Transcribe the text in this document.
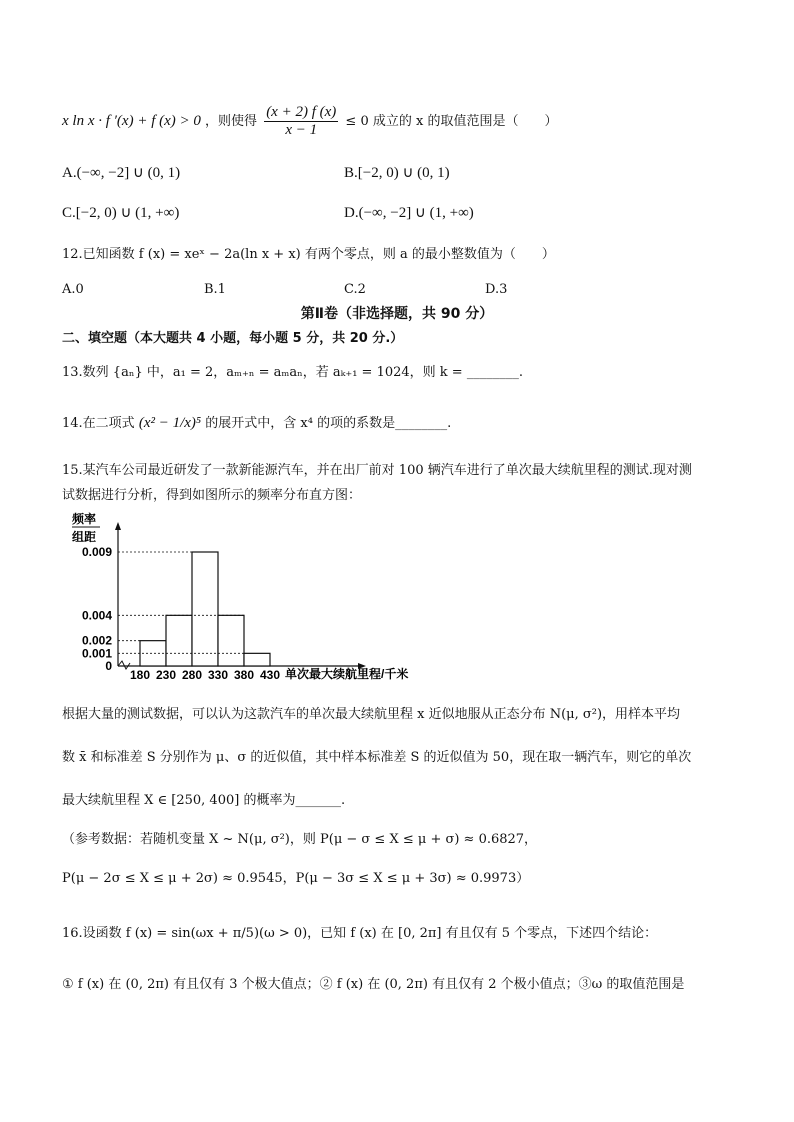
x ln x · f ′(x) + f (x) > 0 ，则使得 $\frac{(x + 2) f (x)}{x - 1} \le 0$ 成立的 x 的取值范围是（　　）
A.(−∞, −2] ∪ (0, 1)	B.[−2, 0) ∪ (0, 1)
C.[−2, 0) ∪ (1, +∞)	D.(−∞, −2] ∪ (1, +∞)
12.已知函数 f (x) = xeˣ − 2a(ln x + x) 有两个零点，则 a 的最小整数值为（　　）
A.0	B.1	C.2	D.3
第Ⅱ卷（非选择题，共 90 分）
二、填空题（本大题共 4 小题，每小题 5 分，共 20 分.）
13.数列 {aₙ} 中，a₁ = 2，aₘ₊ₙ = aₘaₙ，若 aₖ₊₁ = 1024，则 k = ________.
14.在二项式 (x² − 1/x)⁵ 的展开式中，含 x⁴ 的项的系数是________.
15.某汽车公司最近研发了一款新能源汽车，并在出厂前对 100 辆汽车进行了单次最大续航里程的测试.现对测
试数据进行分析，得到如图所示的频率分布直方图：
频率
组距
0
0.001
0.002
0.004
0.009
180 230 280 330 380 430 单次最大续航里程/千米
根据大量的测试数据，可以认为这款汽车的单次最大续航里程 x 近似地服从正态分布 N(μ, σ²)，用样本平均
数 x̄ 和标准差 S 分别作为 μ、σ 的近似值，其中样本标准差 S 的近似值为 50，现在取一辆汽车，则它的单次
最大续航里程 X ∈ [250, 400] 的概率为_______.
（参考数据：若随机变量 X ~ N(μ, σ²)，则 P(μ − σ ≤ X ≤ μ + σ) ≈ 0.6827，
P(μ − 2σ ≤ X ≤ μ + 2σ) ≈ 0.9545，P(μ − 3σ ≤ X ≤ μ + 3σ) ≈ 0.9973）
16.设函数 f (x) = sin(ωx + π/5)(ω > 0)，已知 f (x) 在 [0, 2π] 有且仅有 5 个零点，下述四个结论：
① f (x) 在 (0, 2π) 有且仅有 3 个极大值点；② f (x) 在 (0, 2π) 有且仅有 2 个极小值点；③ω 的取值范围是
